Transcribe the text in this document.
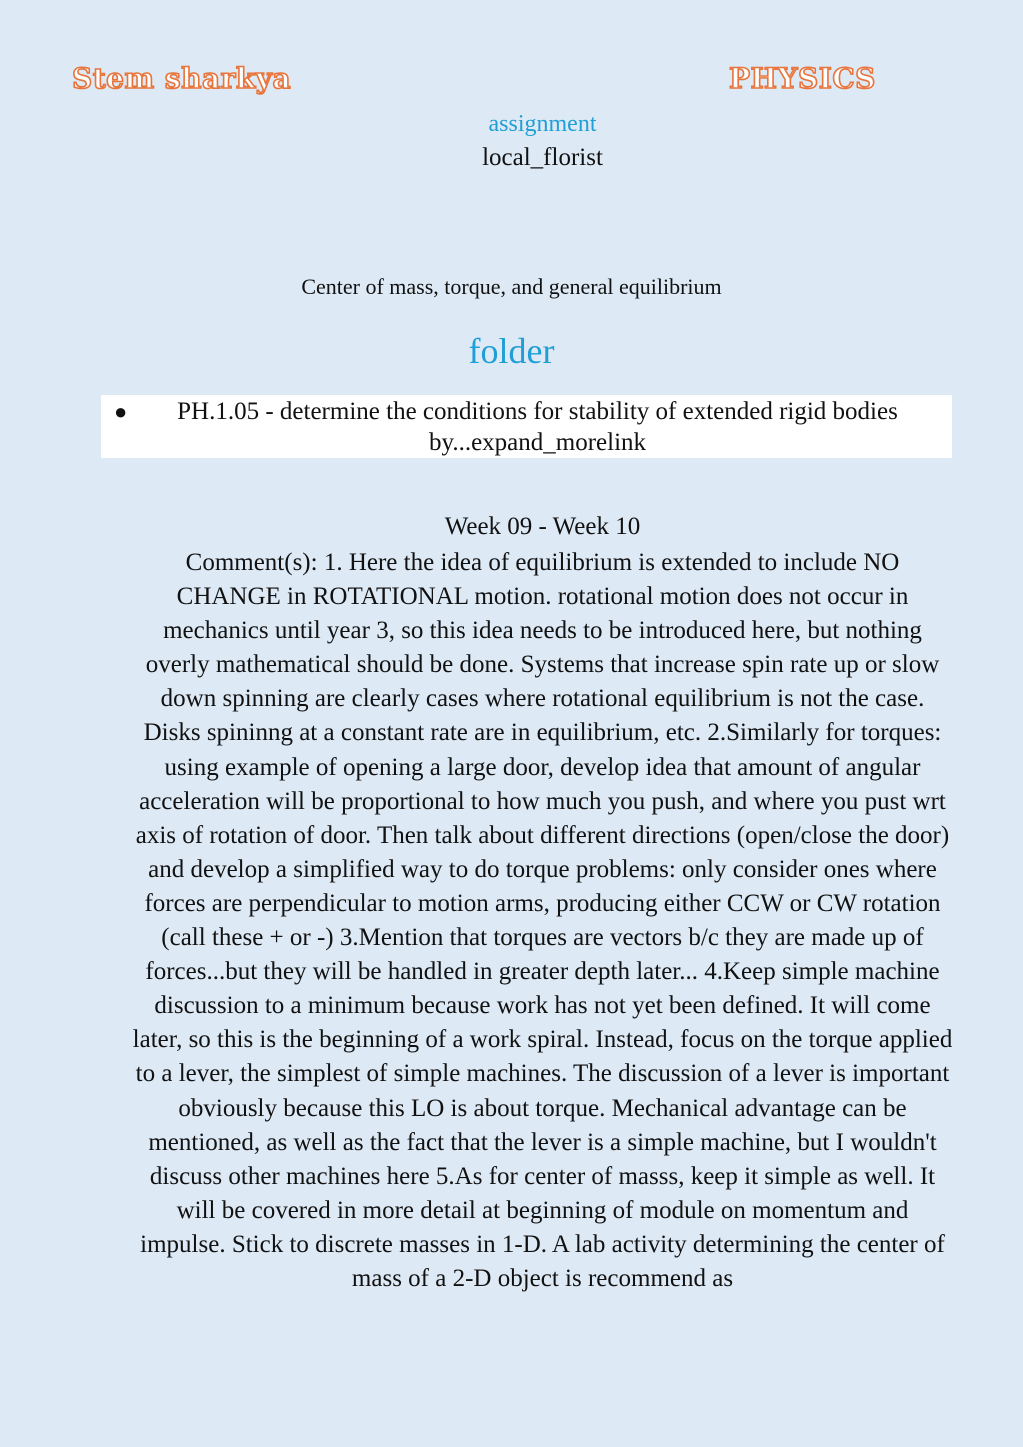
Stem sharkya	PHYSICS
assignment
local_florist
Center of mass, torque, and general equilibrium
folder
● PH.1.05 - determine the conditions for stability of extended rigid bodies by...expand_morelink
Week 09 - Week 10

Comment(s): 1. Here the idea of equilibrium is extended to include NO CHANGE in ROTATIONAL motion. rotational motion does not occur in mechanics until year 3, so this idea needs to be introduced here, but nothing overly mathematical should be done. Systems that increase spin rate up or slow down spinning are clearly cases where rotational equilibrium is not the case. Disks spininng at a constant rate are in equilibrium, etc. 2.Similarly for torques: using example of opening a large door, develop idea that amount of angular acceleration will be proportional to how much you push, and where you pust wrt axis of rotation of door. Then talk about different directions (open/close the door) and develop a simplified way to do torque problems: only consider ones where forces are perpendicular to motion arms, producing either CCW or CW rotation (call these + or -) 3.Mention that torques are vectors b/c they are made up of forces...but they will be handled in greater depth later... 4.Keep simple machine discussion to a minimum because work has not yet been defined. It will come later, so this is the beginning of a work spiral. Instead, focus on the torque applied to a lever, the simplest of simple machines. The discussion of a lever is important obviously because this LO is about torque. Mechanical advantage can be mentioned, as well as the fact that the lever is a simple machine, but I wouldn't discuss other machines here 5.As for center of masss, keep it simple as well. It will be covered in more detail at beginning of module on momentum and impulse. Stick to discrete masses in 1-D. A lab activity determining the center of mass of a 2-D object is recommend as
